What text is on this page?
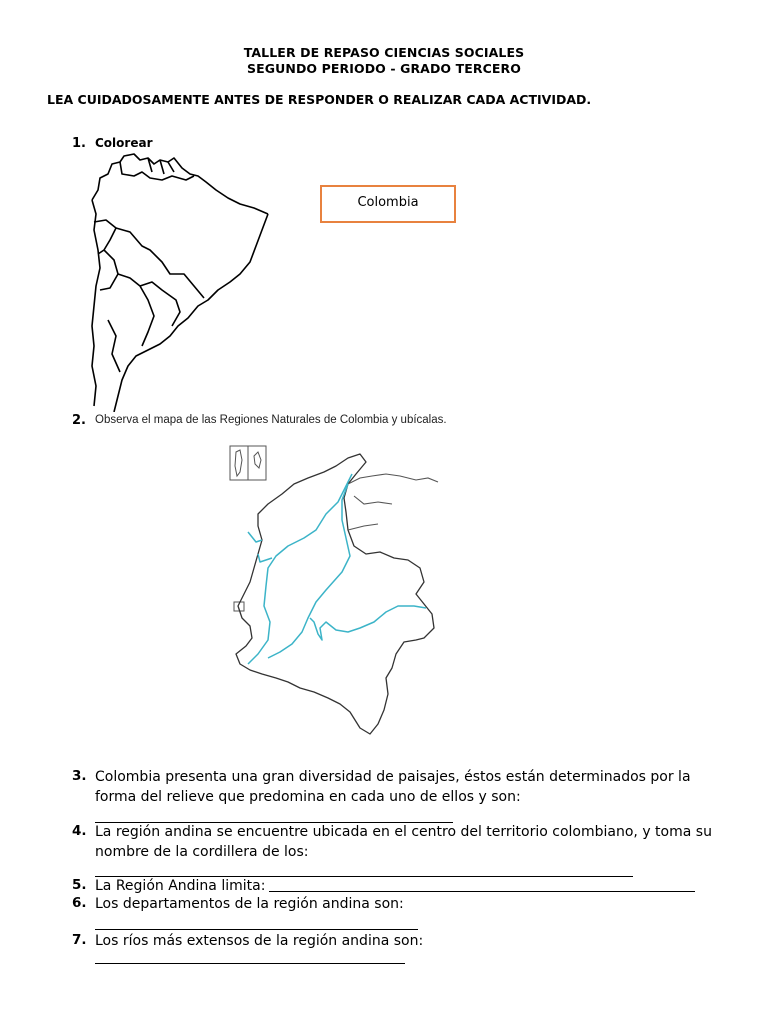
TALLER DE REPASO CIENCIAS SOCIALES
SEGUNDO PERIODO - GRADO TERCERO
LEA CUIDADOSAMENTE ANTES DE RESPONDER O REALIZAR CADA ACTIVIDAD.
1. Colorear
Colombia
2. Observa el mapa de las Regiones Naturales de Colombia y ubícalas.
3. Colombia presenta una gran diversidad de paisajes, éstos están determinados por la
forma del relieve que predomina en cada uno de ellos y son:
4. La región andina se encuentre ubicada en el centro del territorio colombiano, y toma su
nombre de la cordillera de los:
5. La Región Andina limita:
6. Los departamentos de la región andina son:
7. Los ríos más extensos de la región andina son:
